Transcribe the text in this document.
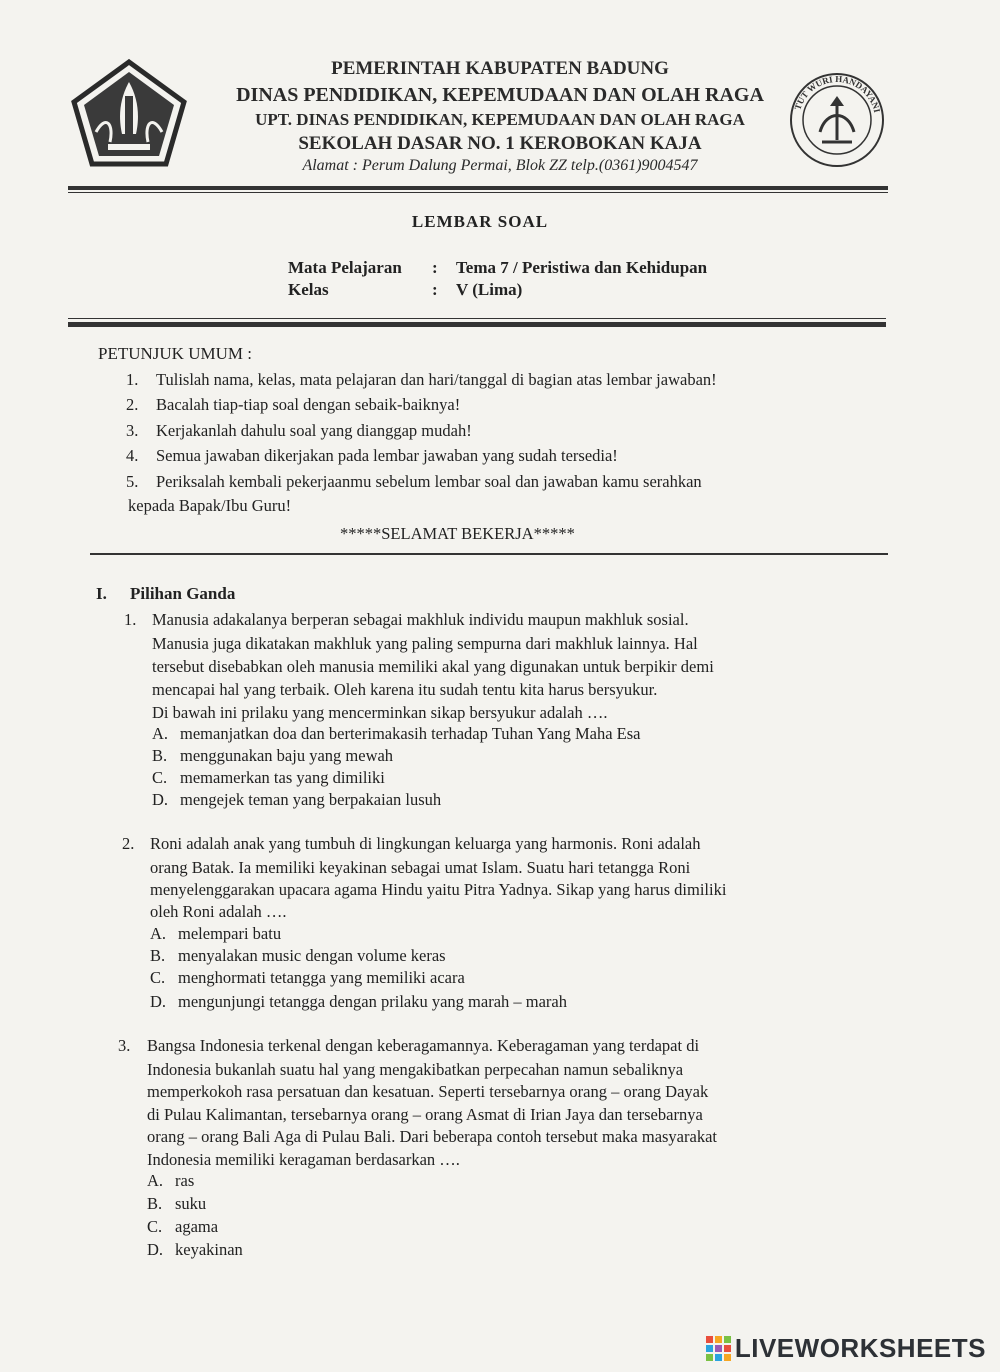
PEMERINTAH KABUPATEN BADUNG
DINAS PENDIDIKAN, KEPEMUDAAN DAN OLAH RAGA
UPT. DINAS PENDIDIKAN, KEPEMUDAAN DAN OLAH RAGA
SEKOLAH DASAR NO. 1 KEROBOKAN KAJA
Alamat : Perum Dalung Permai, Blok ZZ telp.(0361)9004547
TUT WURI HANDAYANI
LEMBAR SOAL
Mata Pelajaran : Tema 7 / Peristiwa dan Kehidupan
Kelas	: V (Lima)
PETUNJUK UMUM :
1. Tulislah nama, kelas, mata pelajaran dan hari/tanggal di bagian atas lembar jawaban!
2. Bacalah tiap-tiap soal dengan sebaik-baiknya!
3. Kerjakanlah dahulu soal yang dianggap mudah!
4. Semua jawaban dikerjakan pada lembar jawaban yang sudah tersedia!
5. Periksalah kembali pekerjaanmu sebelum lembar soal dan jawaban kamu serahkan
kepada Bapak/Ibu Guru!
*****SELAMAT BEKERJA*****
I. Pilihan Ganda
1. Manusia adakalanya berperan sebagai makhluk individu maupun makhluk sosial.
Manusia juga dikatakan makhluk yang paling sempurna dari makhluk lainnya. Hal
tersebut disebabkan oleh manusia memiliki akal yang digunakan untuk berpikir demi
mencapai hal yang terbaik. Oleh karena itu sudah tentu kita harus bersyukur.
Di bawah ini prilaku yang mencerminkan sikap bersyukur adalah ….
A. memanjatkan doa dan berterimakasih terhadap Tuhan Yang Maha Esa
B. menggunakan baju yang mewah
C. memamerkan tas yang dimiliki
D. mengejek teman yang berpakaian lusuh
2. Roni adalah anak yang tumbuh di lingkungan keluarga yang harmonis. Roni adalah
orang Batak. Ia memiliki keyakinan sebagai umat Islam. Suatu hari tetangga Roni
menyelenggarakan upacara agama Hindu yaitu Pitra Yadnya. Sikap yang harus dimiliki
oleh Roni adalah ….
A. melempari batu
B. menyalakan music dengan volume keras
C. menghormati tetangga yang memiliki acara
D. mengunjungi tetangga dengan prilaku yang marah – marah
3. Bangsa Indonesia terkenal dengan keberagamannya. Keberagaman yang terdapat di
Indonesia bukanlah suatu hal yang mengakibatkan perpecahan namun sebaliknya
memperkokoh rasa persatuan dan kesatuan. Seperti tersebarnya orang – orang Dayak
di Pulau Kalimantan, tersebarnya orang – orang Asmat di Irian Jaya dan tersebarnya
orang – orang Bali Aga di Pulau Bali. Dari beberapa contoh tersebut maka masyarakat
Indonesia memiliki keragaman berdasarkan ….
A. ras
B. suku
C. agama
D. keyakinan
LIVEWORKSHEETS
